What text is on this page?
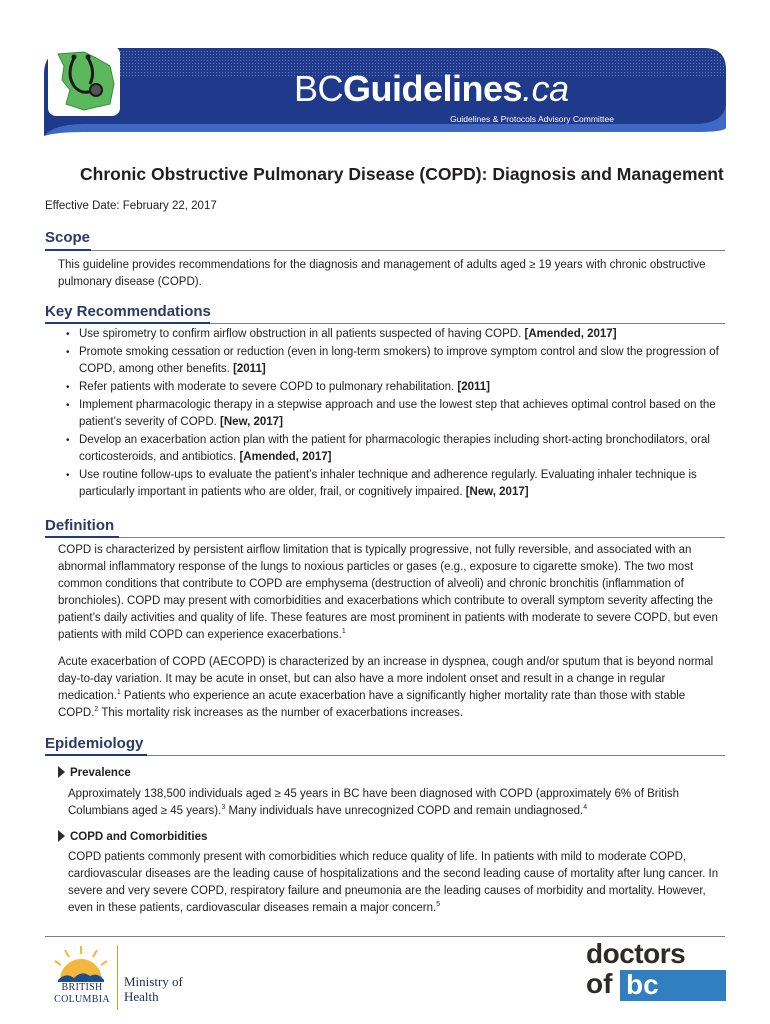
BCGuidelines.ca
Guidelines & Protocols Advisory Committee
Chronic Obstructive Pulmonary Disease (COPD): Diagnosis and Management
Effective Date: February 22, 2017
Scope
This guideline provides recommendations for the diagnosis and management of adults aged ≥ 19 years with chronic obstructive pulmonary disease (COPD).
Key Recommendations
• Use spirometry to confirm airflow obstruction in all patients suspected of having COPD. [Amended, 2017]
• Promote smoking cessation or reduction (even in long-term smokers) to improve symptom control and slow the progression of COPD, among other benefits. [2011]
• Refer patients with moderate to severe COPD to pulmonary rehabilitation. [2011]
• Implement pharmacologic therapy in a stepwise approach and use the lowest step that achieves optimal control based on the patient’s severity of COPD. [New, 2017]
• Develop an exacerbation action plan with the patient for pharmacologic therapies including short-acting bronchodilators, oral corticosteroids, and antibiotics. [Amended, 2017]
• Use routine follow-ups to evaluate the patient’s inhaler technique and adherence regularly. Evaluating inhaler technique is particularly important in patients who are older, frail, or cognitively impaired. [New, 2017]
Definition
COPD is characterized by persistent airflow limitation that is typically progressive, not fully reversible, and associated with an abnormal inflammatory response of the lungs to noxious particles or gases (e.g., exposure to cigarette smoke). The two most common conditions that contribute to COPD are emphysema (destruction of alveoli) and chronic bronchitis (inflammation of bronchioles). COPD may present with comorbidities and exacerbations which contribute to overall symptom severity affecting the patient’s daily activities and quality of life. These features are most prominent in patients with moderate to severe COPD, but even patients with mild COPD can experience exacerbations.$^1$
Acute exacerbation of COPD (AECOPD) is characterized by an increase in dyspnea, cough and/or sputum that is beyond normal day-to-day variation. It may be acute in onset, but can also have a more indolent onset and result in a change in regular medication.$^1$ Patients who experience an acute exacerbation have a significantly higher mortality rate than those with stable COPD.$^2$ This mortality risk increases as the number of exacerbations increases.
Epidemiology
Prevalence
Approximately 138,500 individuals aged ≥ 45 years in BC have been diagnosed with COPD (approximately 6% of British Columbians aged ≥ 45 years).$^3$ Many individuals have unrecognized COPD and remain undiagnosed.$^4$
COPD and Comorbidities
COPD patients commonly present with comorbidities which reduce quality of life. In patients with mild to moderate COPD, cardiovascular diseases are the leading cause of hospitalizations and the second leading cause of mortality after lung cancer. In severe and very severe COPD, respiratory failure and pneumonia are the leading causes of morbidity and mortality. However, even in these patients, cardiovascular diseases remain a major concern.$^5$
BRITISH
COLUMBIA
Ministry of
Health
doctors
of bc
